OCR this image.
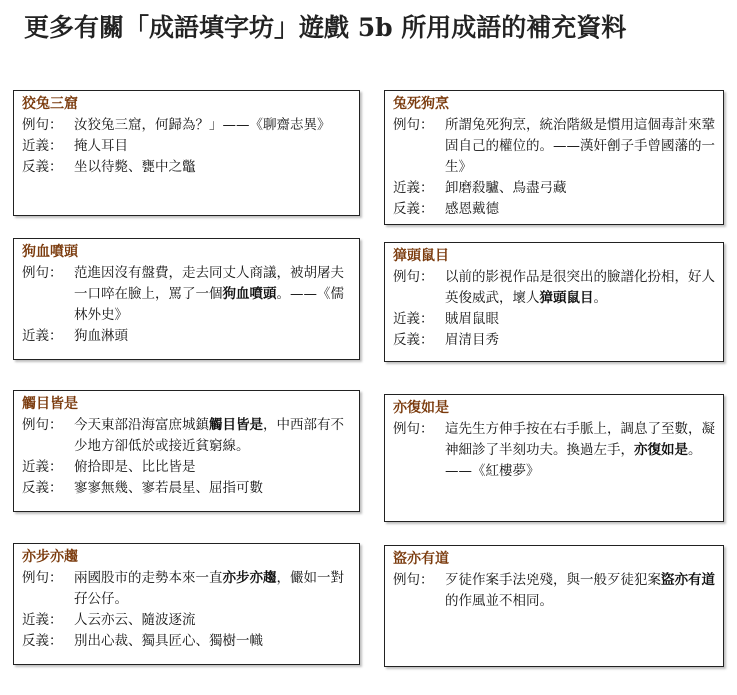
更多有關「成語填字坊」遊戲 5b 所用成語的補充資料
狡兔三窟
例句： 汝狡兔三窟，何歸為？」——《聊齋志異》
近義： 掩人耳目
反義： 坐以待斃、甕中之鼈
兔死狗烹
例句： 所謂兔死狗烹，統治階級是慣用這個毒計來鞏固自己的權位的。——漢奸劊子手曾國藩的一生》
近義： 卸磨殺驢、鳥盡弓藏
反義： 感恩戴德
狗血噴頭
例句： 范進因沒有盤費，走去同丈人商議，被胡屠夫一口啐在臉上，罵了一個狗血噴頭。——《儒林外史》
近義： 狗血淋頭
獐頭鼠目
例句： 以前的影視作品是很突出的臉譜化扮相，好人英俊威武，壞人獐頭鼠目。
近義： 賊眉鼠眼
反義： 眉清目秀
觸目皆是
例句： 今天東部沿海富庶城鎮觸目皆是，中西部有不少地方卻低於或接近貧窮線。
近義： 俯拾即是、比比皆是
反義： 寥寥無幾、寥若晨星、屈指可數
亦復如是
例句： 這先生方伸手按在右手脈上，調息了至數，凝神細診了半刻功夫。換過左手，亦復如是。——《紅樓夢》
亦步亦趨
例句： 兩國股市的走勢本來一直亦步亦趨，儼如一對孖公仔。
近義： 人云亦云、隨波逐流
反義： 別出心裁、獨具匠心、獨樹一幟
盜亦有道
例句： 歹徒作案手法兇殘，與一般歹徒犯案盜亦有道的作風並不相同。
